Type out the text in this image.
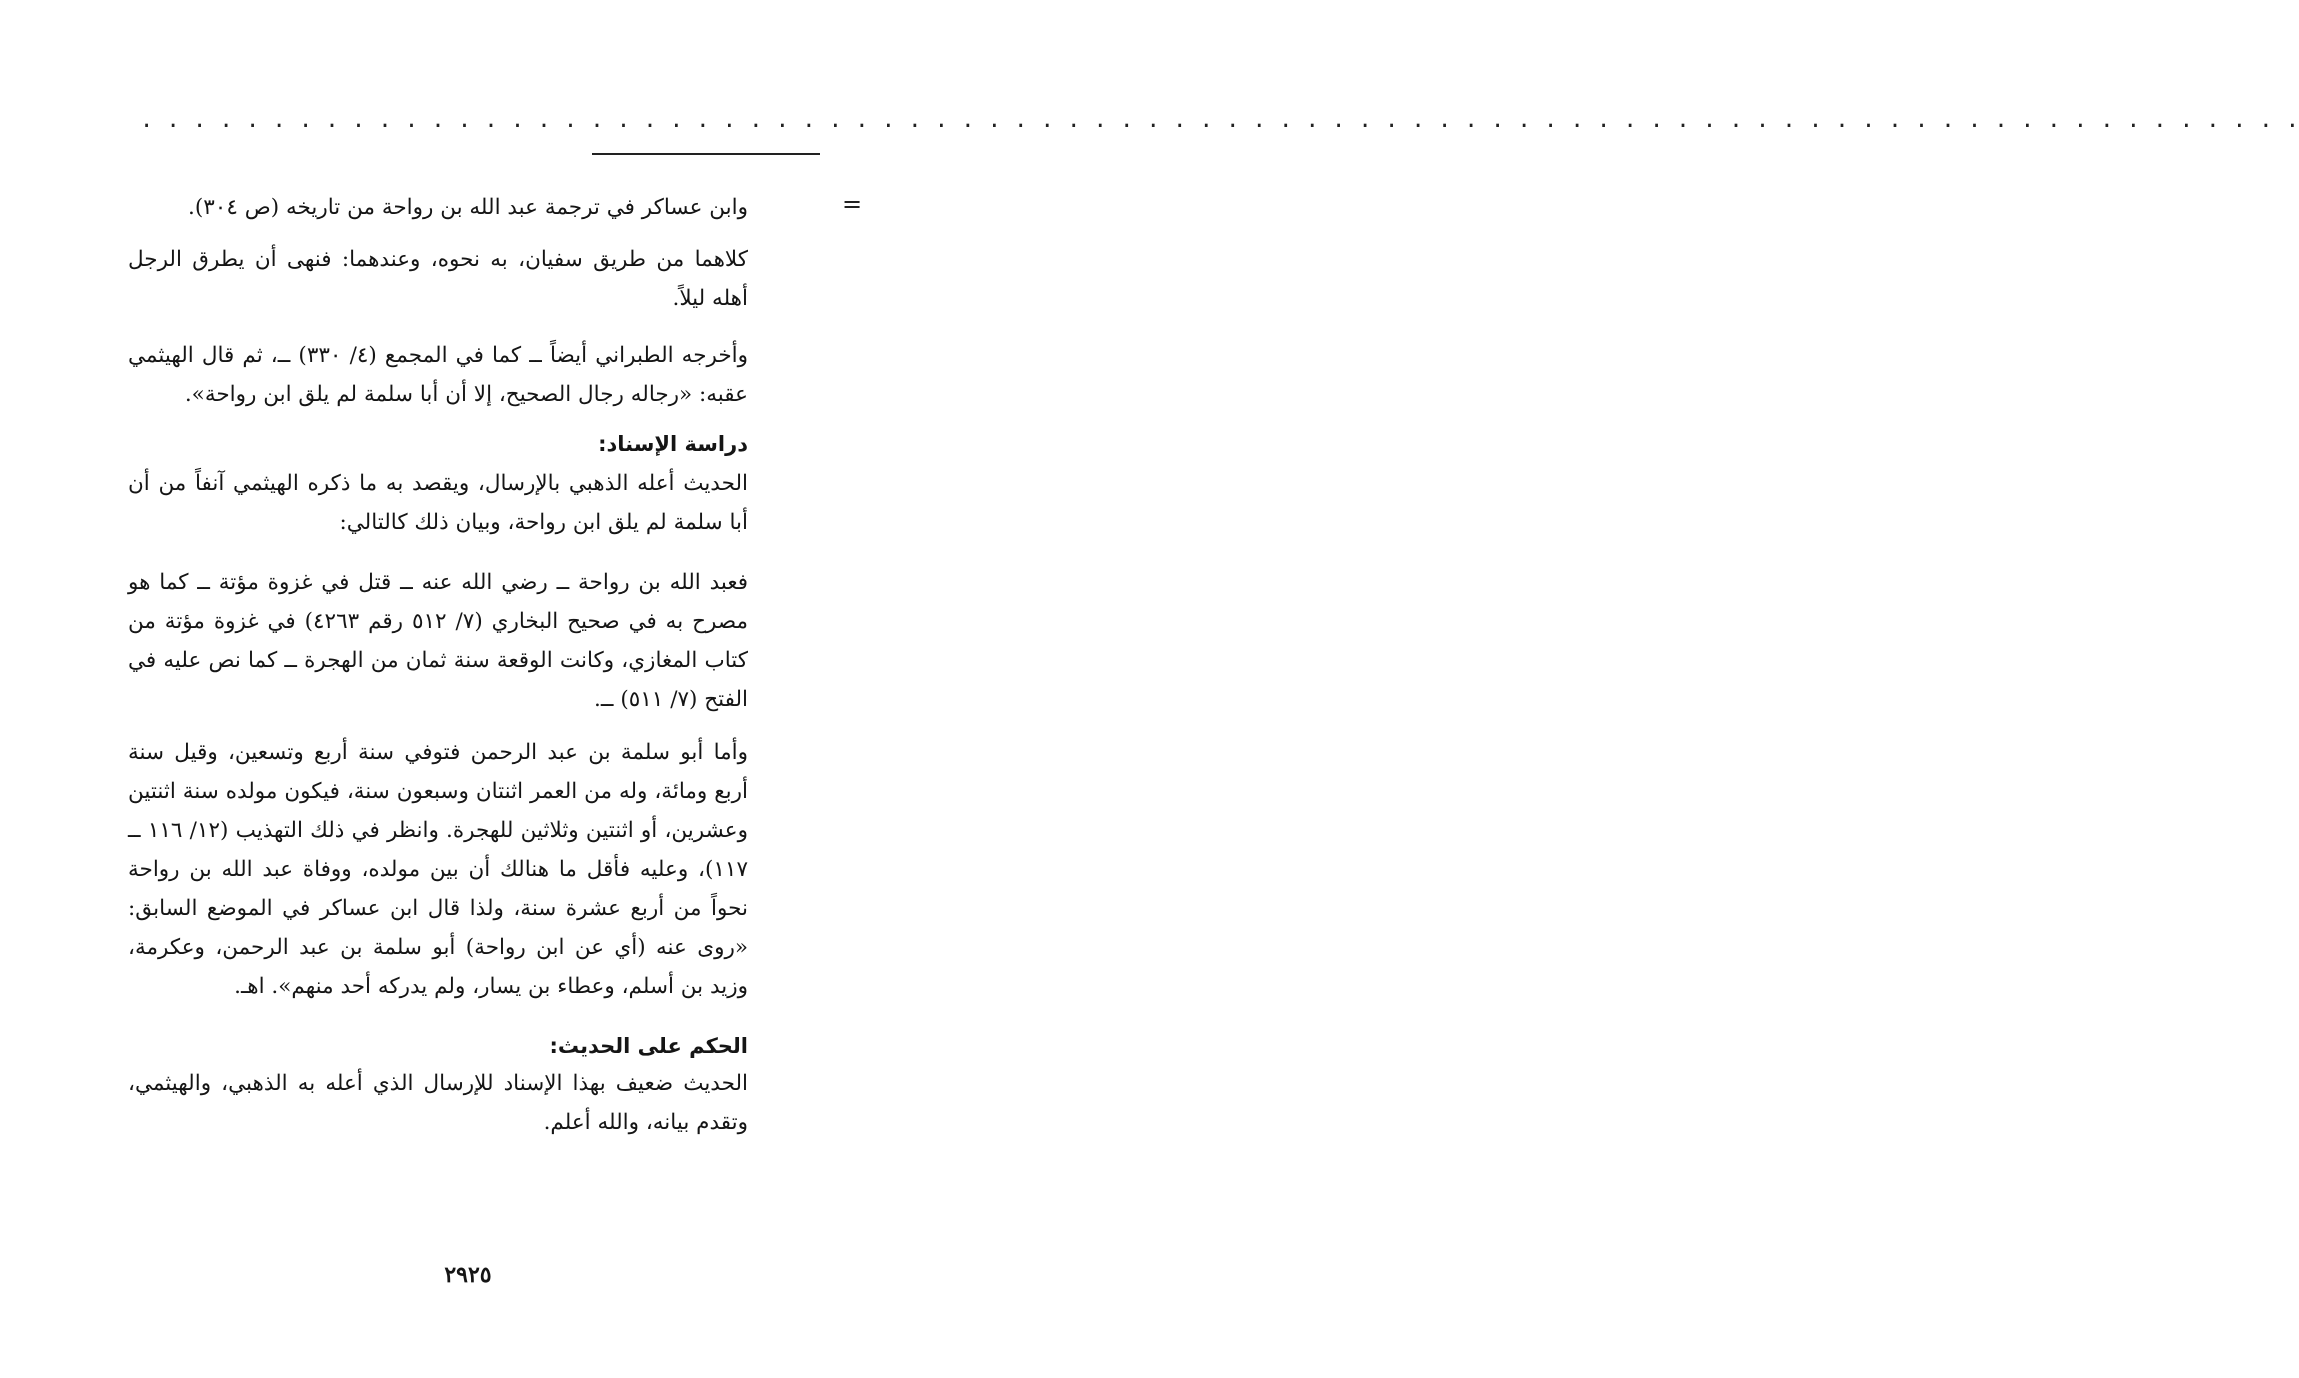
. . . . . . . . . . . . . . . . . . . . . . . . . . . . . . . . . . . . . . . . . . . . . . . . . . . . . . . . . . . . . . . . . . . . . . . . . . . . . . . . . .
=

وابن عساكر في ترجمة عبد الله بن رواحة من تاريخه (ص ٣٠٤).

كلاهما من طريق سفيان، به نحوه، وعندهما: فنهى أن يطرق الرجل أهله ليلاً.

وأخرجه الطبراني أيضاً ــ كما في المجمع (٤/ ٣٣٠) ــ، ثم قال الهيثمي عقبه: «رجاله رجال الصحيح، إلا أن أبا سلمة لم يلق ابن رواحة».

دراسة الإسناد:

الحديث أعله الذهبي بالإرسال، ويقصد به ما ذكره الهيثمي آنفاً من أن أبا سلمة لم يلق ابن رواحة، وبيان ذلك كالتالي:

فعبد الله بن رواحة ــ رضي الله عنه ــ قتل في غزوة مؤتة ــ كما هو مصرح به في صحيح البخاري (٧/ ٥١٢ رقم ٤٢٦٣) في غزوة مؤتة من كتاب المغازي، وكانت الوقعة سنة ثمان من الهجرة ــ كما نص عليه في الفتح (٧/ ٥١١) ــ.

وأما أبو سلمة بن عبد الرحمن فتوفي سنة أربع وتسعين، وقيل سنة أربع ومائة، وله من العمر اثنتان وسبعون سنة، فيكون مولده سنة اثنتين وعشرين، أو اثنتين وثلاثين للهجرة. وانظر في ذلك التهذيب (١٢/ ١١٦ ــ ١١٧)، وعليه فأقل ما هنالك أن بين مولده، ووفاة عبد الله بن رواحة نحواً من أربع عشرة سنة، ولذا قال ابن عساكر في الموضع السابق: «روى عنه (أي عن ابن رواحة) أبو سلمة بن عبد الرحمن، وعكرمة، وزيد بن أسلم، وعطاء بن يسار، ولم يدركه أحد منهم». اهـ.

الحكم على الحديث:

الحديث ضعيف بهذا الإسناد للإرسال الذي أعله به الذهبي، والهيثمي، وتقدم بيانه، والله أعلم.

٢٩٢٥
